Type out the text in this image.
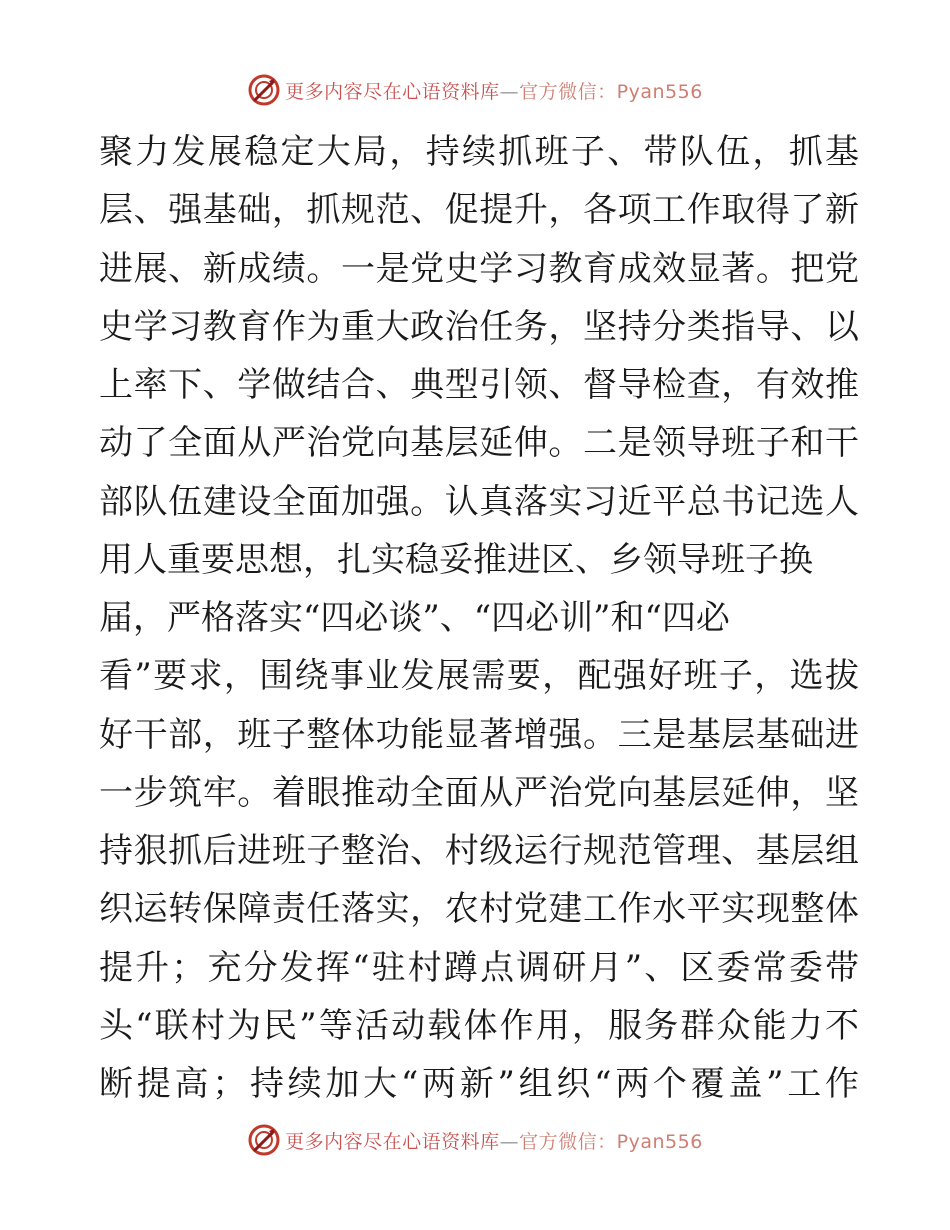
更多内容尽在心语资料库—官方微信：Pyan556
聚力发展稳定大局，持续抓班子、带队伍，抓基
层、强基础，抓规范、促提升，各项工作取得了新
进展、新成绩。一是党史学习教育成效显著。把党
史学习教育作为重大政治任务，坚持分类指导、以
上率下、学做结合、典型引领、督导检查，有效推
动了全面从严治党向基层延伸。二是领导班子和干
部队伍建设全面加强。认真落实习近平总书记选人
用人重要思想，扎实稳妥推进区、乡领导班子换
届，严格落实“四必谈”、“四必训”和“四必
看”要求，围绕事业发展需要，配强好班子，选拔
好干部，班子整体功能显著增强。三是基层基础进
一步筑牢。着眼推动全面从严治党向基层延伸，坚
持狠抓后进班子整治、村级运行规范管理、基层组
织运转保障责任落实，农村党建工作水平实现整体
提升；充分发挥“驻村蹲点调研月”、区委常委带
头“联村为民”等活动载体作用，服务群众能力不
断提高；持续加大“两新”组织“两个覆盖”工作
更多内容尽在心语资料库—官方微信：Pyan556
